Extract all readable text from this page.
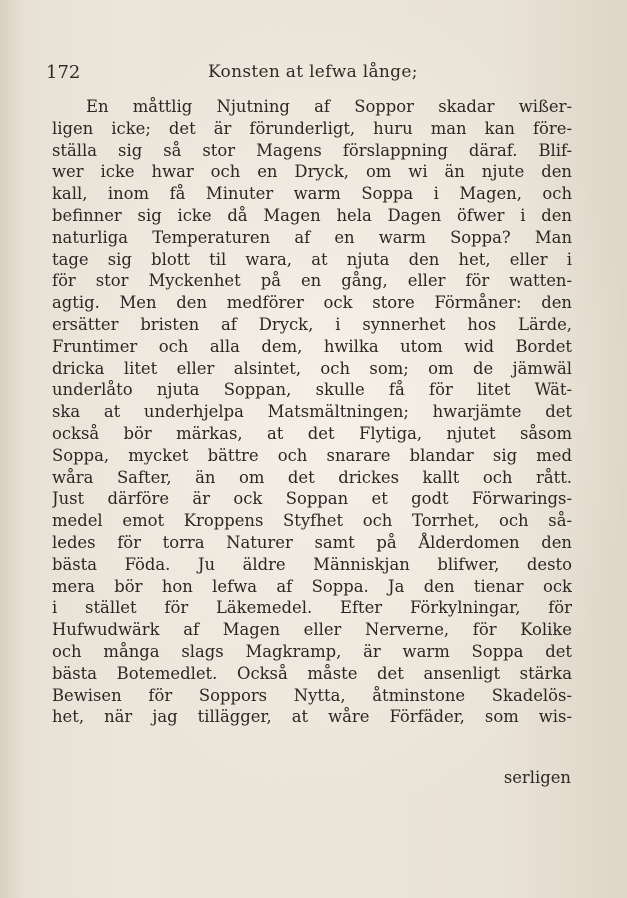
172	Konsten at lefwa långe;
En måttlig Njutning af Soppor skadar wißer-
ligen icke; det är förunderligt, huru man kan före-
ställa sig så stor Magens förslappning däraf. Blif-
wer icke hwar och en Dryck, om wi än njute den
kall, inom få Minuter warm Soppa i Magen, och
befinner sig icke då Magen hela Dagen öfwer i den
naturliga Temperaturen af en warm Soppa? Man
tage sig blott til wara, at njuta den het, eller i
för stor Myckenhet på en gång, eller för watten-
agtig. Men den medförer ock store Förmåner: den
ersätter bristen af Dryck, i synnerhet hos Lärde,
Fruntimer och alla dem, hwilka utom wid Bordet
dricka litet eller alsintet, och som; om de jämwäl
underlåto njuta Soppan, skulle få för litet Wät-
ska at underhjelpa Matsmältningen; hwarjämte det
också bör märkas, at det Flytiga, njutet såsom
Soppa, mycket bättre och snarare blandar sig med
wåra Safter, än om det drickes kallt och rått.
Just därföre är ock Soppan et godt Förwarings-
medel emot Kroppens Styfhet och Torrhet, och så-
ledes för torra Naturer samt på Ålderdomen den
bästa Föda. Ju äldre Människjan blifwer, desto
mera bör hon lefwa af Soppa. Ja den tienar ock
i stället för Läkemedel. Efter Förkylningar, för
Hufwudwärk af Magen eller Nerverne, för Kolike
och många slags Magkramp, är warm Soppa det
bästa Botemedlet. Också måste det ansenligt stärka
Bewisen för Soppors Nytta, åtminstone Skadelös-
het, när jag tillägger, at wåre Förfäder, som wis-
serligen
